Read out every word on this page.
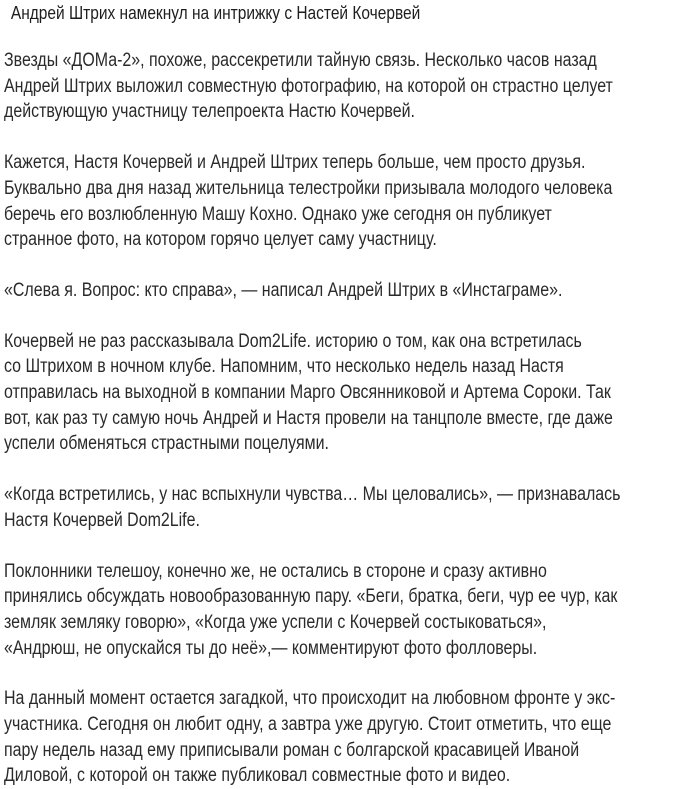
Андрей Штрих намекнул на интрижку с Настей Кочервей

Звезды «ДОМа-2», похоже, рассекретили тайную связь. Несколько часов назад
Андрей Штрих выложил совместную фотографию, на которой он страстно целует
действующую участницу телепроекта Настю Кочервей.

Кажется, Настя Кочервей и Андрей Штрих теперь больше, чем просто друзья.
Буквально два дня назад жительница телестройки призывала молодого человека
беречь его возлюбленную Машу Кохно. Однако уже сегодня он публикует
странное фото, на котором горячо целует саму участницу.

«Слева я. Вопрос: кто справа», — написал Андрей Штрих в «Инстаграме».

Кочервей не раз рассказывала Dom2Life. историю о том, как она встретилась
со Штрихом в ночном клубе. Напомним, что несколько недель назад Настя
отправилась на выходной в компании Марго Овсянниковой и Артема Сороки. Так
вот, как раз ту самую ночь Андрей и Настя провели на танцполе вместе, где даже
успели обменяться страстными поцелуями.

«Когда встретились, у нас вспыхнули чувства… Мы целовались», — признавалась
Настя Кочервей Dom2Life.

Поклонники телешоу, конечно же, не остались в стороне и сразу активно
принялись обсуждать новообразованную пару. «Беги, братка, беги, чур ее чур, как
земляк земляку говорю», «Когда уже успели с Кочервей состыковаться»,
«Андрюш, не опускайся ты до неё»,— комментируют фото фолловеры.

На данный момент остается загадкой, что происходит на любовном фронте у экс-
участника. Сегодня он любит одну, а завтра уже другую. Стоит отметить, что еще
пару недель назад ему приписывали роман с болгарской красавицей Иваной
Диловой, с которой он также публиковал совместные фото и видео.
